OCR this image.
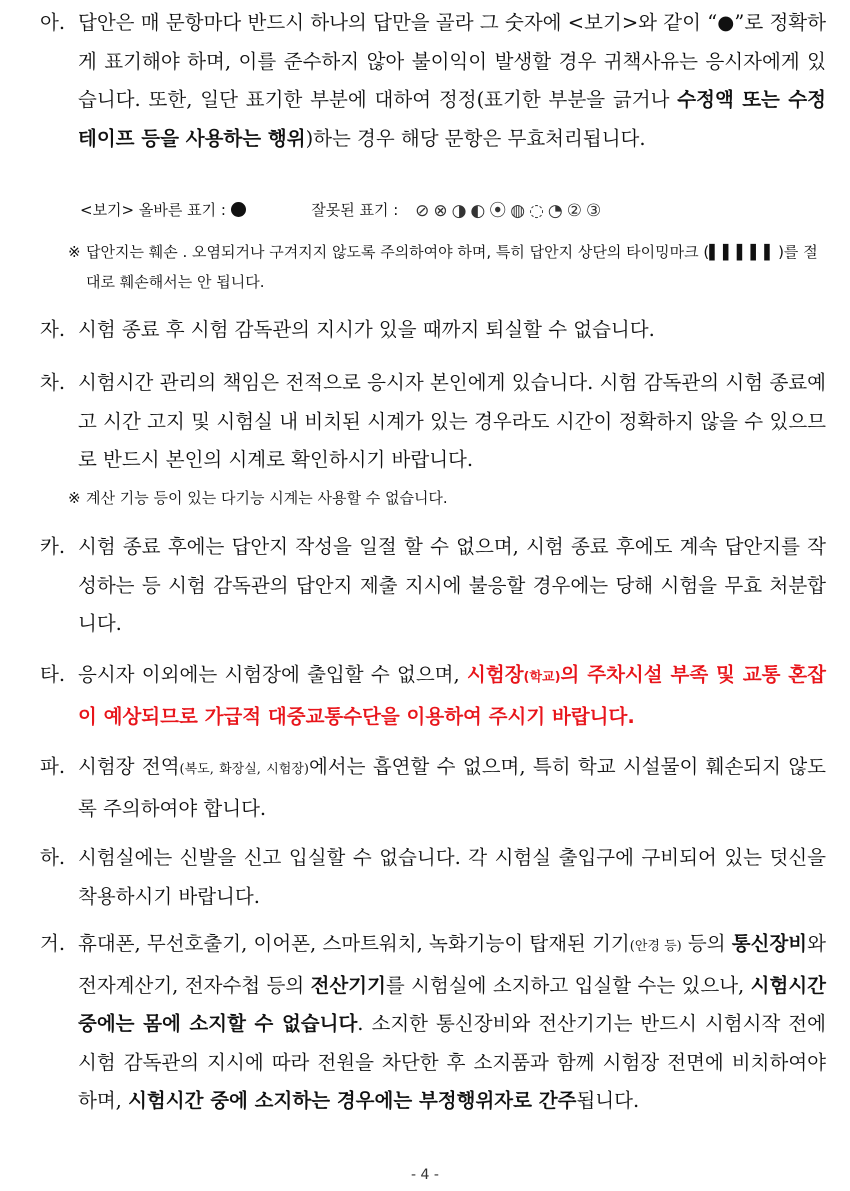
아. 답안은 매 문항마다 반드시 하나의 답만을 골라 그 숫자에 <보기>와 같이 “●”로 정확하게 표기해야 하며, 이를 준수하지 않아 불이익이 발생할 경우 귀책사유는 응시자에게 있습니다. 또한, 일단 표기한 부분에 대하여 정정(표기한 부분을 긁거나 수정액 또는 수정테이프 등을 사용하는 행위)하는 경우 해당 문항은 무효처리됩니다.
<보기> 올바른 표기 :	잘못된 표기 : ⊘⊗◑◐⦿◍◌◔②③
※ 답안지는 훼손 . 오염되거나 구겨지지 않도록 주의하여야 하며, 특히 답안지 상단의 타이밍마크 (▌▌▌▌▌)를 절대로 훼손해서는 안 됩니다.
자. 시험 종료 후 시험 감독관의 지시가 있을 때까지 퇴실할 수 없습니다.
차. 시험시간 관리의 책임은 전적으로 응시자 본인에게 있습니다. 시험 감독관의 시험 종료예고 시간 고지 및 시험실 내 비치된 시계가 있는 경우라도 시간이 정확하지 않을 수 있으므로 반드시 본인의 시계로 확인하시기 바랍니다.
※ 계산 기능 등이 있는 다기능 시계는 사용할 수 없습니다.
카. 시험 종료 후에는 답안지 작성을 일절 할 수 없으며, 시험 종료 후에도 계속 답안지를 작성하는 등 시험 감독관의 답안지 제출 지시에 불응할 경우에는 당해 시험을 무효 처분합니다.
타. 응시자 이외에는 시험장에 출입할 수 없으며, 시험장(학교)의 주차시설 부족 및 교통 혼잡이 예상되므로 가급적 대중교통수단을 이용하여 주시기 바랍니다.
파. 시험장 전역(복도, 화장실, 시험장)에서는 흡연할 수 없으며, 특히 학교 시설물이 훼손되지 않도록 주의하여야 합니다.
하. 시험실에는 신발을 신고 입실할 수 없습니다. 각 시험실 출입구에 구비되어 있는 덧신을 착용하시기 바랍니다.
거. 휴대폰, 무선호출기, 이어폰, 스마트워치, 녹화기능이 탑재된 기기(안경 등) 등의 통신장비와 전자계산기, 전자수첩 등의 전산기기를 시험실에 소지하고 입실할 수는 있으나, 시험시간 중에는 몸에 소지할 수 없습니다. 소지한 통신장비와 전산기기는 반드시 시험시작 전에 시험 감독관의 지시에 따라 전원을 차단한 후 소지품과 함께 시험장 전면에 비치하여야 하며, 시험시간 중에 소지하는 경우에는 부정행위자로 간주됩니다.
- 4 -
